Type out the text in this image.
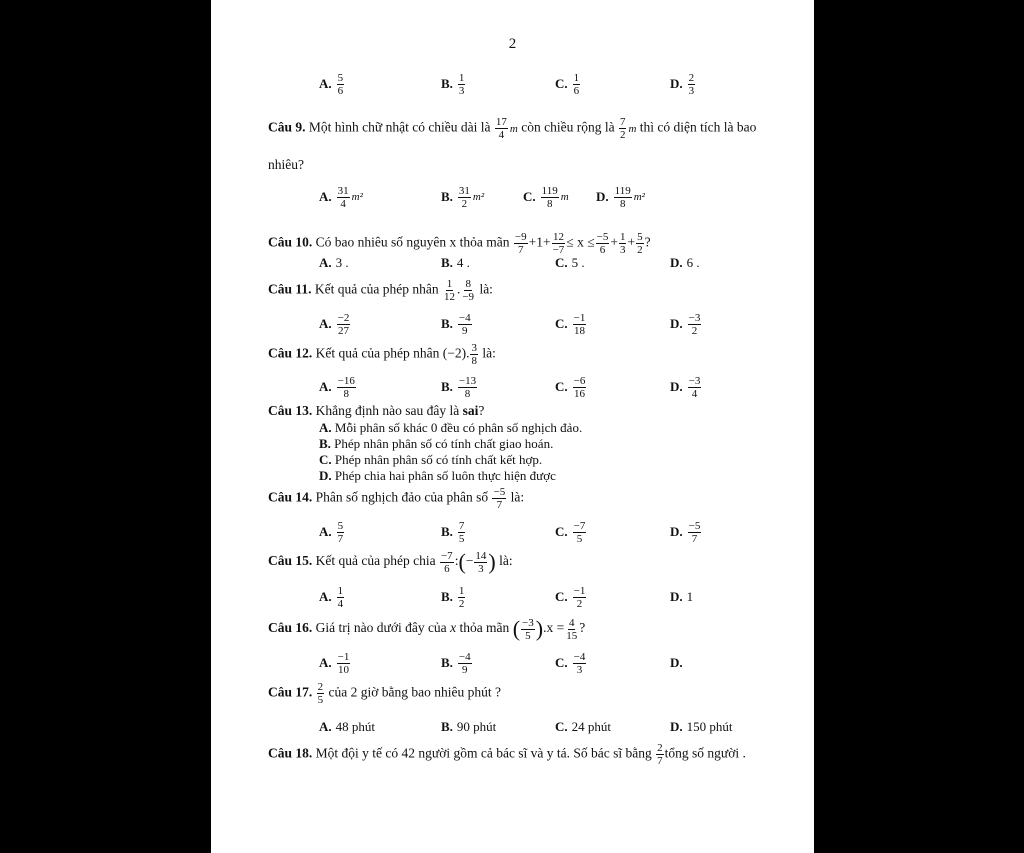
2
A. $\frac{5}{6}$	B. $\frac{1}{3}$	C. $\frac{1}{6}$	D. $\frac{2}{3}$
Câu 9. Một hình chữ nhật có chiều dài là $\frac{17}{4}$ m còn chiều rộng là $\frac{7}{2}$ m thì có diện tích là bao
nhiêu?
A. $\frac{31}{4} m^2$	B. $\frac{31}{2} m^2$	C. $\frac{119}{8}$ m D. $\frac{119}{8} m^2$
Câu 10. Có bao nhiêu số nguyên x thỏa mãn $\frac{-9}{7} +1+ \frac{12}{-7} \le x \le \frac{-5}{6} + \frac{1}{3} + \frac{5}{2}$ ?
A. 3 .	B. 4 .	C. 5 .	D. 6 .
Câu 11. Kết quả của phép nhân $\frac{1}{12}$ . $\frac{8}{-9}$ là:
A. $\frac{-2}{27}$	B. $\frac{-4}{9}$	C. $\frac{-1}{18}$	D. $\frac{-3}{2}$
Câu 12. Kết quả của phép nhân (−2). $\frac{3}{8}$ là:
A. $\frac{-16}{8}$	B. $\frac{-13}{8}$	C. $\frac{-6}{16}$	D. $\frac{-3}{4}$
Câu 13. Khẳng định nào sau đây là sai?
A. Mỗi phân số khác 0 đều có phân số nghịch đảo.
B. Phép nhân phân số có tính chất giao hoán.
C. Phép nhân phân số có tính chất kết hợp.
D. Phép chia hai phân số luôn thực hiện được
Câu 14. Phân số nghịch đảo của phân số $\frac{-5}{7}$ là:
A. $\frac{5}{7}$	B. $\frac{7}{5}$	C. $\frac{-7}{5}$	D. $\frac{-5}{7}$
Câu 15. Kết quả của phép chia $\frac{-7}{6}$ :(− $\frac{14}{3}$ ) là:
A. $\frac{1}{4}$	B. $\frac{1}{2}$	C. $\frac{-1}{2}$	D. 1
Câu 16. Giá trị nào dưới đây của x thỏa mãn ( $\frac{-3}{5} ).x = \frac{4}{15}$ ?
A. $\frac{-1}{10}$	B. $\frac{-4}{9}$	C. $\frac{-4}{3}$	D.
Câu 17. $\frac{2}{5}$ của 2 giờ bằng bao nhiêu phút ?
A. 48 phút	B. 90 phút	C. 24 phút	D. 150 phút
Câu 18. Một đội y tế có 42 người gồm cả bác sĩ và y tá. Số bác sĩ bằng $\frac{2}{7}$ tổng số người .
